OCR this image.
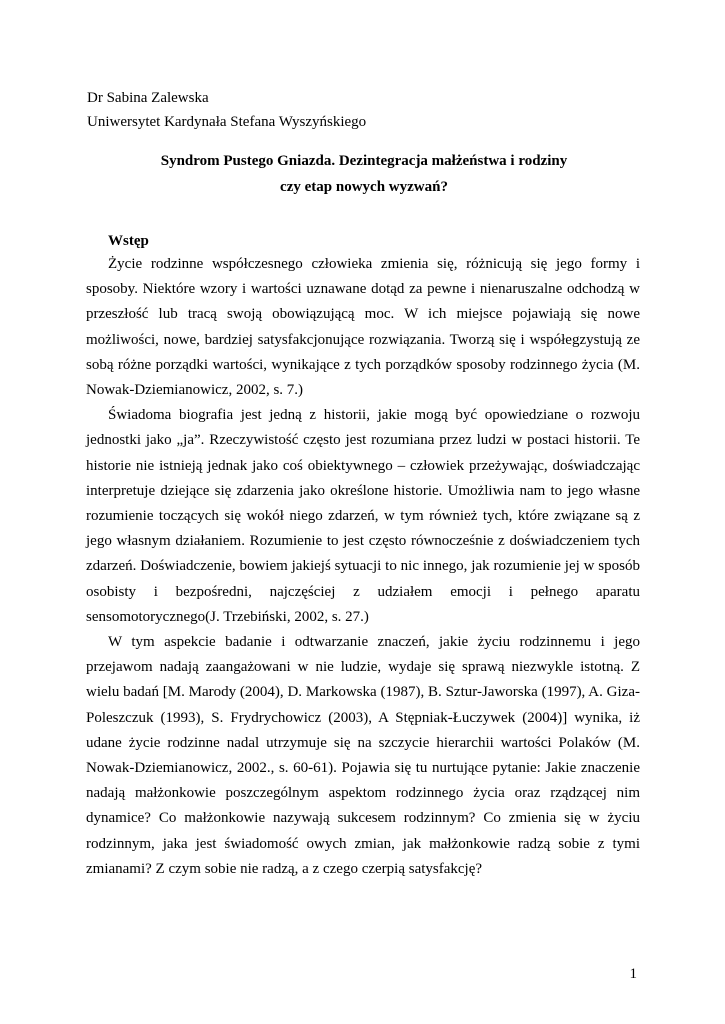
Dr Sabina Zalewska
Uniwersytet Kardynała Stefana Wyszyńskiego
Syndrom Pustego Gniazda. Dezintegracja małżeństwa i rodziny
czy etap nowych wyzwań?
Wstęp

Życie rodzinne współczesnego człowieka zmienia się, różnicują się jego formy i sposoby. Niektóre wzory i wartości uznawane dotąd za pewne i nienaruszalne odchodzą w przeszłość lub tracą swoją obowiązującą moc. W ich miejsce pojawiają się nowe możliwości, nowe, bardziej satysfakcjonujące rozwiązania. Tworzą się i współegzystują ze sobą różne porządki wartości, wynikające z tych porządków sposoby rodzinnego życia (M. Nowak-Dziemianowicz, 2002, s. 7.)

Świadoma biografia jest jedną z historii, jakie mogą być opowiedziane o rozwoju jednostki jako „ja”. Rzeczywistość często jest rozumiana przez ludzi w postaci historii. Te historie nie istnieją jednak jako coś obiektywnego – człowiek przeżywając, doświadczając interpretuje dziejące się zdarzenia jako określone historie. Umożliwia nam to jego własne rozumienie toczących się wokół niego zdarzeń, w tym również tych, które związane są z jego własnym działaniem. Rozumienie to jest często równocześnie z doświadczeniem tych zdarzeń. Doświadczenie, bowiem jakiejś sytuacji to nic innego, jak rozumienie jej w sposób osobisty i bezpośredni, najczęściej z udziałem emocji i pełnego aparatu sensomotorycznego(J. Trzebiński, 2002, s. 27.)

W tym aspekcie badanie i odtwarzanie znaczeń, jakie życiu rodzinnemu i jego przejawom nadają zaangażowani w nie ludzie, wydaje się sprawą niezwykle istotną. Z wielu badań [M. Marody (2004), D. Markowska (1987), B. Sztur-Jaworska (1997), A. Giza-Poleszczuk (1993), S. Frydrychowicz (2003), A Stępniak-Łuczywek (2004)] wynika, iż udane życie rodzinne nadal utrzymuje się na szczycie hierarchii wartości Polaków (M. Nowak-Dziemianowicz, 2002., s. 60-61). Pojawia się tu nurtujące pytanie: Jakie znaczenie nadają małżonkowie poszczególnym aspektom rodzinnego życia oraz rządzącej nim dynamice? Co małżonkowie nazywają sukcesem rodzinnym? Co zmienia się w życiu rodzinnym, jaka jest świadomość owych zmian, jak małżonkowie radzą sobie z tymi zmianami? Z czym sobie nie radzą, a z czego czerpią satysfakcję?

1
